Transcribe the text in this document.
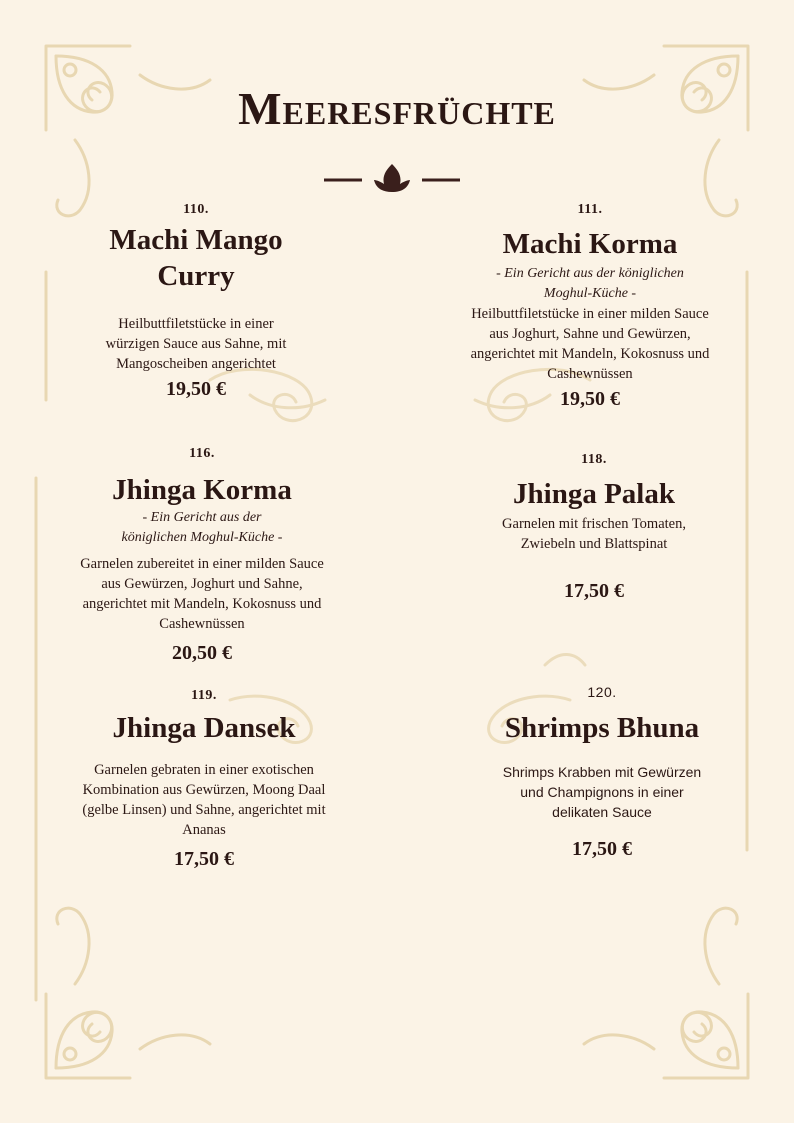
Meeresfrüchte
110.
Machi Mango Curry
Heilbuttfiletstücke in einer würzigen Sauce aus Sahne, mit Mangoscheiben angerichtet
19,50 €
111.
Machi Korma
- Ein Gericht aus der königlichen Moghul-Küche -
Heilbuttfiletstücke in einer milden Sauce aus Joghurt, Sahne und Gewürzen, angerichtet mit Mandeln, Kokosnuss und Cashewnüssen
19,50 €
116.
Jhinga Korma
- Ein Gericht aus der königlichen Moghul-Küche -
Garnelen zubereitet in einer milden Sauce aus Gewürzen, Joghurt und Sahne, angerichtet mit Mandeln, Kokosnuss und Cashewnüssen
20,50 €
118.
Jhinga Palak
Garnelen mit frischen Tomaten, Zwiebeln und Blattspinat
17,50 €
119.
Jhinga Dansek
Garnelen gebraten in einer exotischen Kombination aus Gewürzen, Moong Daal (gelbe Linsen) und Sahne, angerichtet mit Ananas
17,50 €
120.
Shrimps Bhuna
Shrimps Krabben mit Gewürzen und Champignons in einer delikaten Sauce
17,50 €
